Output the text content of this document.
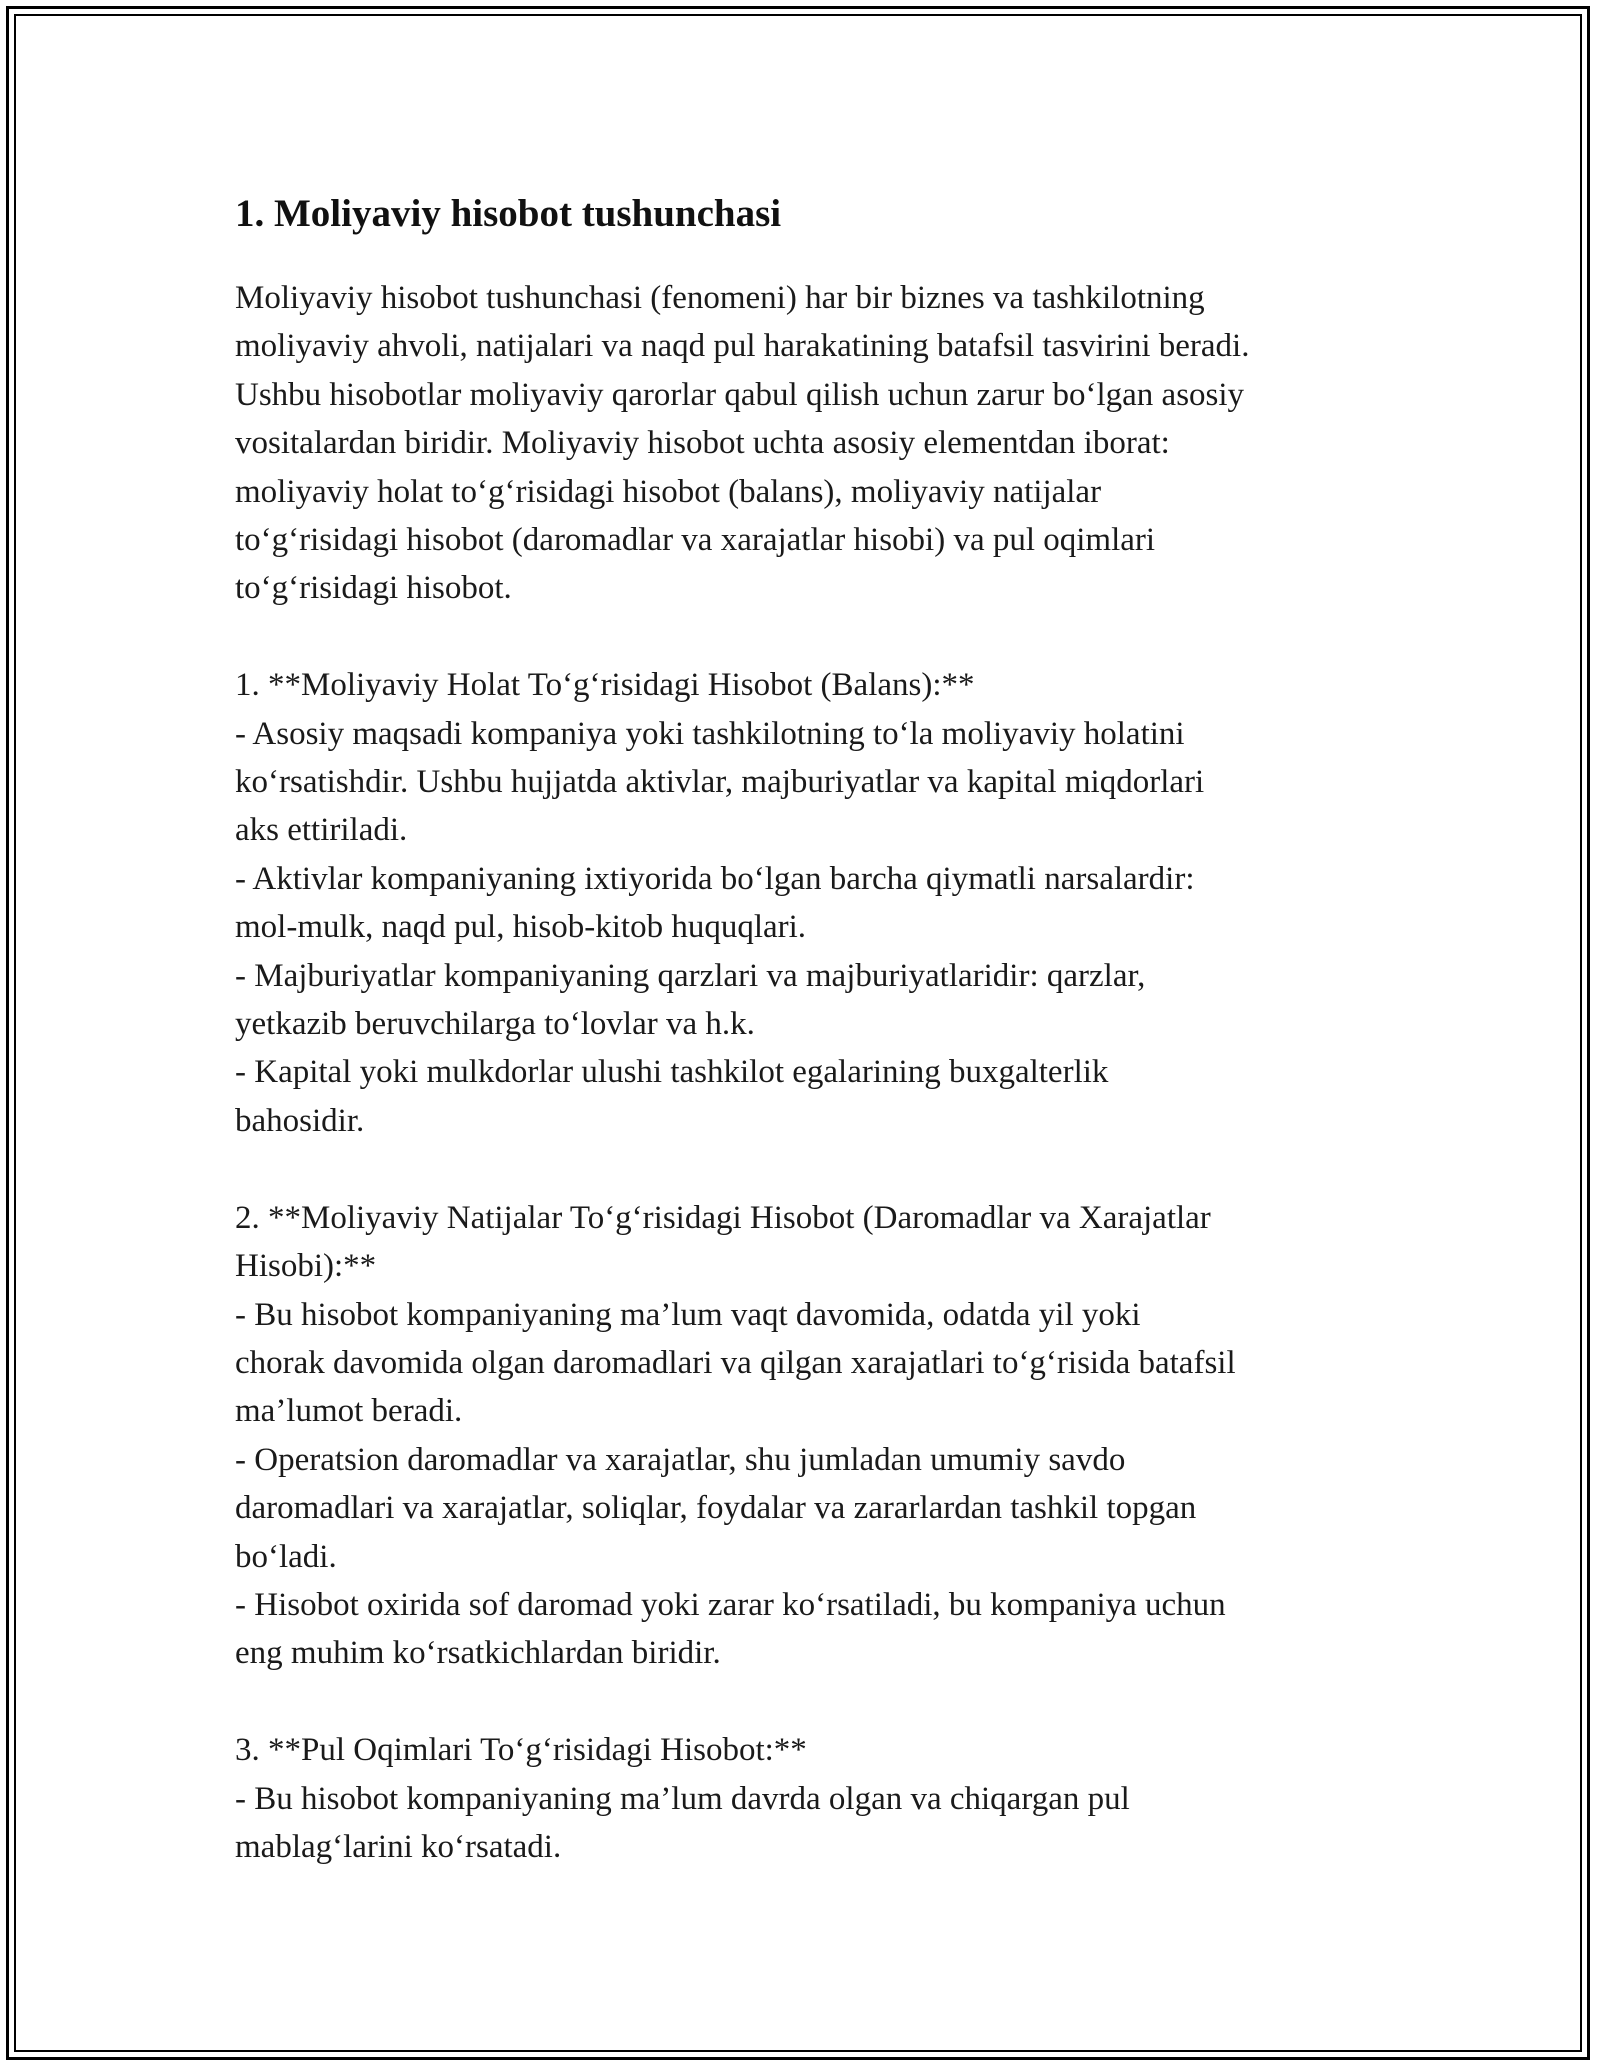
1. Moliyaviy hisobot tushunchasi

Moliyaviy hisobot tushunchasi (fenomeni) har bir biznes va tashkilotning
moliyaviy ahvoli, natijalari va naqd pul harakatining batafsil tasvirini beradi.
Ushbu hisobotlar moliyaviy qarorlar qabul qilish uchun zarur bo‘lgan asosiy
vositalardan biridir. Moliyaviy hisobot uchta asosiy elementdan iborat:
moliyaviy holat to‘g‘risidagi hisobot (balans), moliyaviy natijalar
to‘g‘risidagi hisobot (daromadlar va xarajatlar hisobi) va pul oqimlari
to‘g‘risidagi hisobot.

1. **Moliyaviy Holat To‘g‘risidagi Hisobot (Balans):**
- Asosiy maqsadi kompaniya yoki tashkilotning to‘la moliyaviy holatini
ko‘rsatishdir. Ushbu hujjatda aktivlar, majburiyatlar va kapital miqdorlari
aks ettiriladi.
- Aktivlar kompaniyaning ixtiyorida bo‘lgan barcha qiymatli narsalardir:
mol-mulk, naqd pul, hisob-kitob huquqlari.
- Majburiyatlar kompaniyaning qarzlari va majburiyatlaridir: qarzlar,
yetkazib beruvchilarga to‘lovlar va h.k.
- Kapital yoki mulkdorlar ulushi tashkilot egalarining buxgalterlik
bahosidir.

2. **Moliyaviy Natijalar To‘g‘risidagi Hisobot (Daromadlar va Xarajatlar
Hisobi):**
- Bu hisobot kompaniyaning ma’lum vaqt davomida, odatda yil yoki
chorak davomida olgan daromadlari va qilgan xarajatlari to‘g‘risida batafsil
ma’lumot beradi.
- Operatsion daromadlar va xarajatlar, shu jumladan umumiy savdo
daromadlari va xarajatlar, soliqlar, foydalar va zararlardan tashkil topgan
bo‘ladi.
- Hisobot oxirida sof daromad yoki zarar ko‘rsatiladi, bu kompaniya uchun
eng muhim ko‘rsatkichlardan biridir.

3. **Pul Oqimlari To‘g‘risidagi Hisobot:**
- Bu hisobot kompaniyaning ma’lum davrda olgan va chiqargan pul
mablag‘larini ko‘rsatadi.
